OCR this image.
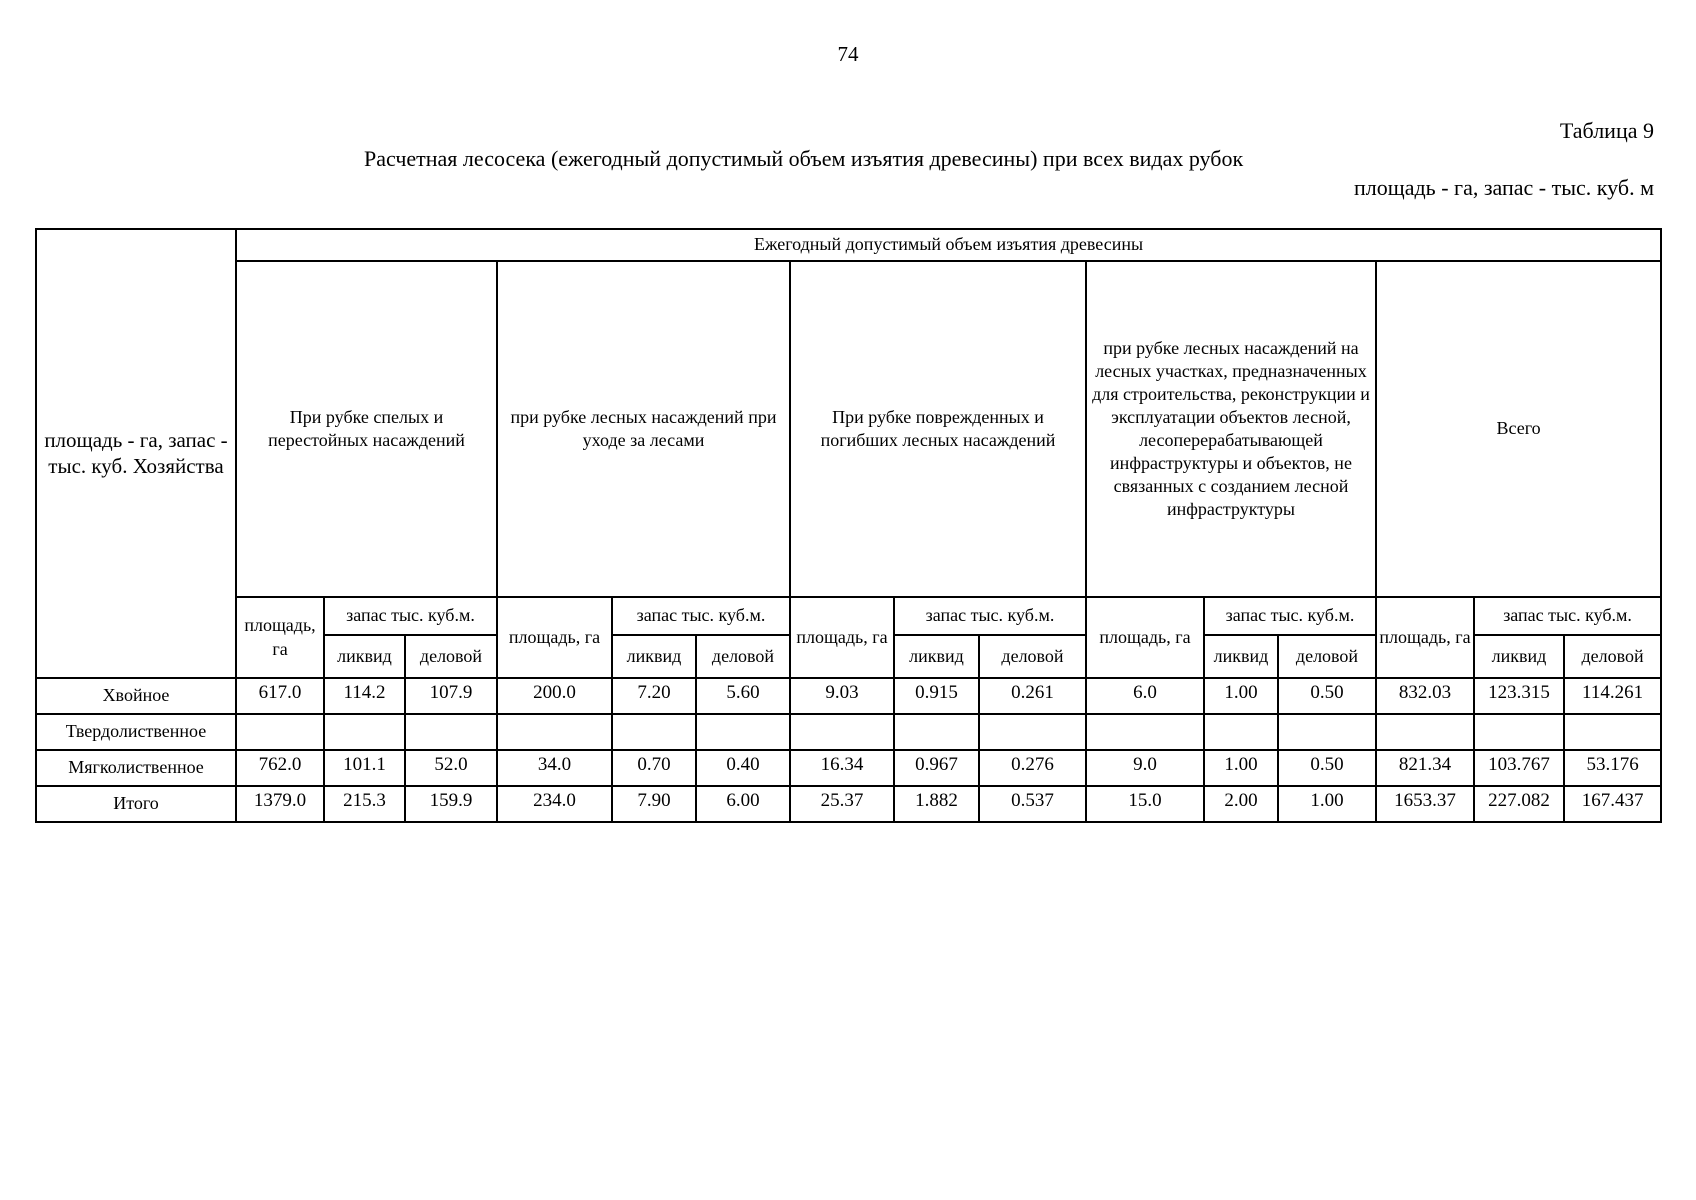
74
Таблица 9
Расчетная лесосека (ежегодный допустимый объем изъятия древесины) при всех видах рубок
площадь - га, запас - тыс. куб. м
площадь - га, запас - тыс. куб. Хозяйства	Ежегодный допустимый объем изъятия древесины														
	При рубке спелых и перестойных насаждений			при рубке лесных насаждений при уходе за лесами			При рубке поврежденных и погибших лесных насаждений			при рубке лесных насаждений на лесных участках, предназначенных для строительства, реконструкции и эксплуатации объектов лесной, лесоперерабатывающей инфраструктуры и объектов, не связанных с созданием лесной инфраструктуры			Всего		
	площадь, га	запас тыс. куб.м.		площадь, га	запас тыс. куб.м.		площадь, га	запас тыс. куб.м.		площадь, га	запас тыс. куб.м.		площадь, га	запас тыс. куб.м.	
		ликвид	деловой		ликвид	деловой		ликвид	деловой		ликвид	деловой		ликвид	деловой
Хвойное	617.0	114.2	107.9	200.0	7.20	5.60	9.03	0.915	0.261	6.0	1.00	0.50	832.03	123.315	114.261
Твердолиственное															
Мягколиственное	762.0	101.1	52.0	34.0	0.70	0.40	16.34	0.967	0.276	9.0	1.00	0.50	821.34	103.767	53.176
Итого	1379.0	215.3	159.9	234.0	7.90	6.00	25.37	1.882	0.537	15.0	2.00	1.00	1653.37	227.082	167.437
